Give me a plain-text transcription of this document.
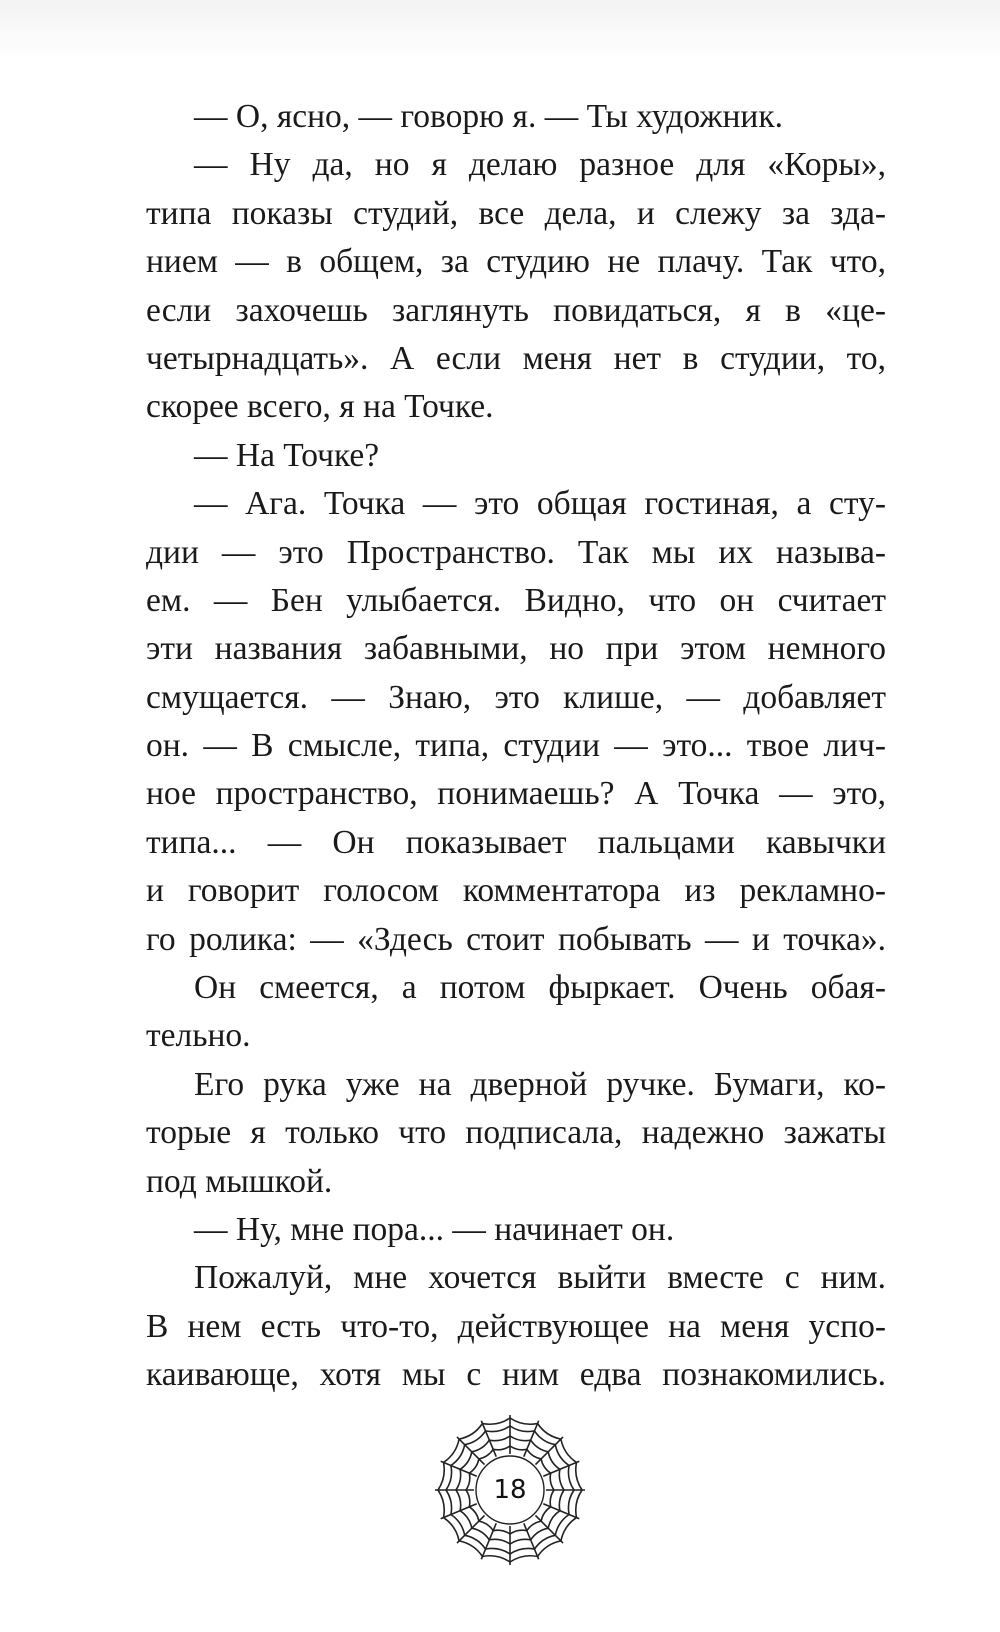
— О, ясно, — говорю я. — Ты художник.
— Ну да, но я делаю разное для «Коры»,
типа показы студий, все дела, и слежу за зда-
нием — в общем, за студию не плачу. Так что,
если захочешь заглянуть повидаться, я в «це-
четырнадцать». А если меня нет в студии, то,
скорее всего, я на Точке.
— На Точке?
— Ага. Точка — это общая гостиная, а сту-
дии — это Пространство. Так мы их называ-
ем. — Бен улыбается. Видно, что он считает
эти названия забавными, но при этом немного
смущается. — Знаю, это клише, — добавляет
он. — В смысле, типа, студии — это... твое лич-
ное пространство, понимаешь? А Точка — это,
типа... — Он показывает пальцами кавычки
и говорит голосом комментатора из рекламно-
го ролика: — «Здесь стоит побывать — и точка».
Он смеется, а потом фыркает. Очень обая-
тельно.
Его рука уже на дверной ручке. Бумаги, ко-
торые я только что подписала, надежно зажаты
под мышкой.
— Ну, мне пора... — начинает он.
Пожалуй, мне хочется выйти вместе с ним.
В нем есть что-то, действующее на меня успо-
каивающе, хотя мы с ним едва познакомились.
18
